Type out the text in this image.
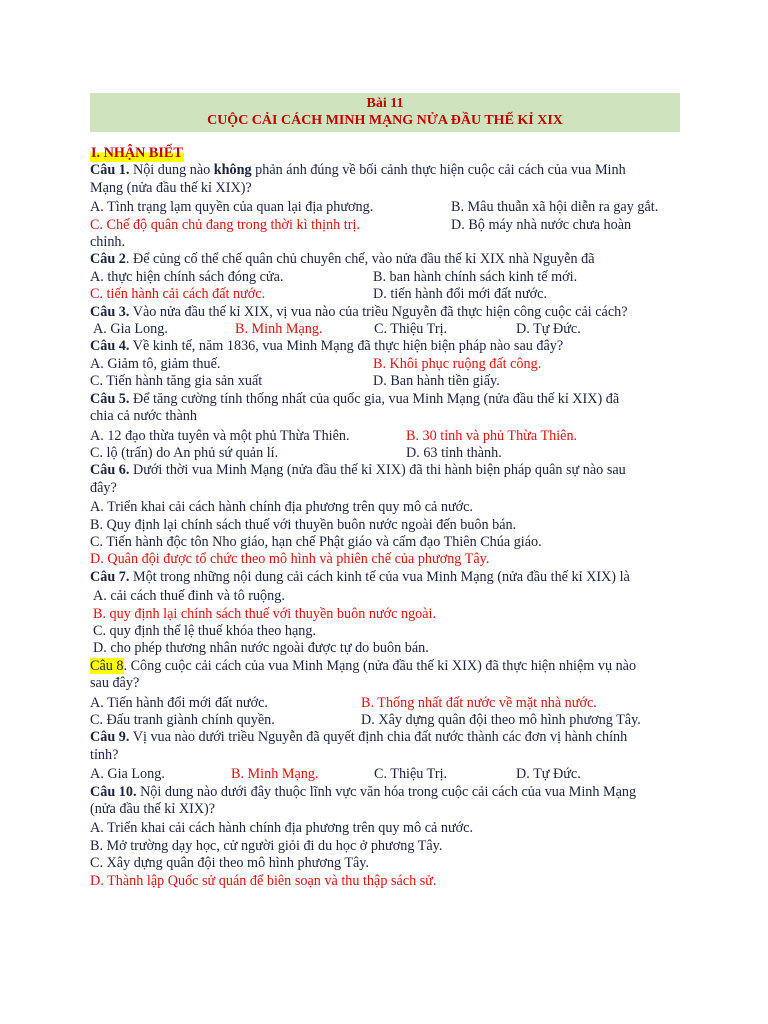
Bài 11
CUỘC CẢI CÁCH MINH MẠNG NỬA ĐẦU THẾ KỈ XIX
I. NHẬN BIẾT
Câu 1. Nội dung nào không phản ánh đúng về bối cảnh thực hiện cuộc cải cách của vua Minh
Mạng (nửa đầu thế kỉ XIX)?
A. Tình trạng lạm quyền của quan lại địa phương.	B. Mâu thuẫn xã hội diễn ra gay gắt.
C. Chế độ quân chủ đang trong thời kì thịnh trị.	D. Bộ máy nhà nước chưa hoàn
chỉnh.
Câu 2. Để củng cố thể chế quân chủ chuyên chế, vào nửa đầu thế kỉ XIX nhà Nguyễn đã
A. thực hiện chính sách đóng cửa.	B. ban hành chính sách kinh tế mới.
C. tiến hành cải cách đất nước.	D. tiến hành đổi mới đất nước.
Câu 3. Vào nửa đầu thế kỉ XIX, vị vua nào của triều Nguyễn đã thực hiện công cuộc cải cách?
A. Gia Long.	B. Minh Mạng.	C. Thiệu Trị.	D. Tự Đức.
Câu 4. Về kinh tế, năm 1836, vua Minh Mạng đã thực hiện biện pháp nào sau đây?
A. Giảm tô, giảm thuế.	B. Khôi phục ruộng đất công.
C. Tiến hành tăng gia sản xuất	D. Ban hành tiền giấy.
Câu 5. Để tăng cường tính thống nhất của quốc gia, vua Minh Mạng (nửa đầu thế kỉ XIX) đã
chia cả nước thành
A. 12 đạo thừa tuyên và một phủ Thừa Thiên.	B. 30 tỉnh và phủ Thừa Thiên.
C. lộ (trấn) do An phủ sứ quản lí.	D. 63 tỉnh thành.
Câu 6. Dưới thời vua Minh Mạng (nửa đầu thế kỉ XIX) đã thi hành biện pháp quân sự nào sau
đây?
A. Triển khai cải cách hành chính địa phương trên quy mô cả nước.
B. Quy định lại chính sách thuế với thuyền buôn nước ngoài đến buôn bán.
C. Tiến hành độc tôn Nho giáo, hạn chế Phật giáo và cấm đạo Thiên Chúa giáo.
D. Quân đội được tổ chức theo mô hình và phiên chế của phương Tây.
Câu 7. Một trong những nội dung cải cách kinh tế của vua Minh Mạng (nửa đầu thế kỉ XIX) là
A. cải cách thuế đinh và tô ruộng.
B. quy định lại chính sách thuế với thuyền buôn nước ngoài.
C. quy định thể lệ thuế khóa theo hạng.
D. cho phép thương nhân nước ngoài được tự do buôn bán.
Câu 8. Công cuộc cải cách của vua Minh Mạng (nửa đầu thế kỉ XIX) đã thực hiện nhiệm vụ nào
sau đây?
A. Tiến hành đổi mới đất nước.	B. Thống nhất đất nước về mặt nhà nước.
C. Đấu tranh giành chính quyền.	D. Xây dựng quân đội theo mô hình phương Tây.
Câu 9. Vị vua nào dưới triều Nguyễn đã quyết định chia đất nước thành các đơn vị hành chính
tỉnh?
A. Gia Long.	B. Minh Mạng.	C. Thiệu Trị.	D. Tự Đức.
Câu 10. Nội dung nào dưới đây thuộc lĩnh vực văn hóa trong cuộc cải cách của vua Minh Mạng
(nửa đầu thế kỉ XIX)?
A. Triển khai cải cách hành chính địa phương trên quy mô cả nước.
B. Mở trường dạy học, cử người giỏi đi du học ở phương Tây.
C. Xây dựng quân đội theo mô hình phương Tây.
D. Thành lập Quốc sử quán để biên soạn và thu thập sách sử.
